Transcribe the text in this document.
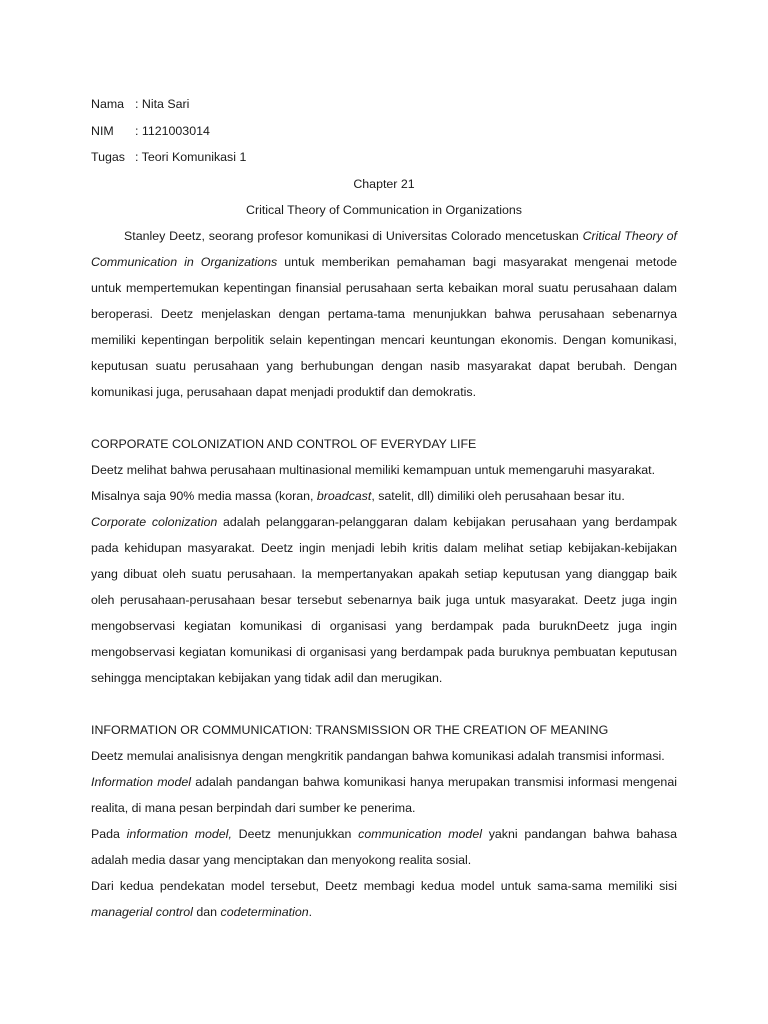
Nama : Nita Sari
NIM	: 1121003014
Tugas : Teori Komunikasi 1
Chapter 21
Critical Theory of Communication in Organizations

Stanley Deetz, seorang profesor komunikasi di Universitas Colorado mencetuskan Critical Theory of Communication in Organizations untuk memberikan pemahaman bagi masyarakat mengenai metode untuk mempertemukan kepentingan finansial perusahaan serta kebaikan moral suatu perusahaan dalam beroperasi. Deetz menjelaskan dengan pertama-tama menunjukkan bahwa perusahaan sebenarnya memiliki kepentingan berpolitik selain kepentingan mencari keuntungan ekonomis. Dengan komunikasi, keputusan suatu perusahaan yang berhubungan dengan nasib masyarakat dapat berubah. Dengan komunikasi juga, perusahaan dapat menjadi produktif dan demokratis.

CORPORATE COLONIZATION AND CONTROL OF EVERYDAY LIFE

Deetz melihat bahwa perusahaan multinasional memiliki kemampuan untuk memengaruhi masyarakat.

Misalnya saja 90% media massa (koran, broadcast, satelit, dll) dimiliki oleh perusahaan besar itu.

Corporate colonization adalah pelanggaran-pelanggaran dalam kebijakan perusahaan yang berdampak pada kehidupan masyarakat. Deetz ingin menjadi lebih kritis dalam melihat setiap kebijakan-kebijakan yang dibuat oleh suatu perusahaan. Ia mempertanyakan apakah setiap keputusan yang dianggap baik oleh perusahaan-perusahaan besar tersebut sebenarnya baik juga untuk masyarakat. Deetz juga ingin mengobservasi kegiatan komunikasi di organisasi yang berdampak pada buruknDeetz juga ingin mengobservasi kegiatan komunikasi di organisasi yang berdampak pada buruknya pembuatan keputusan sehingga menciptakan kebijakan yang tidak adil dan merugikan.

INFORMATION OR COMMUNICATION: TRANSMISSION OR THE CREATION OF MEANING

Deetz memulai analisisnya dengan mengkritik pandangan bahwa komunikasi adalah transmisi informasi.

Information model adalah pandangan bahwa komunikasi hanya merupakan transmisi informasi mengenai realita, di mana pesan berpindah dari sumber ke penerima.

Pada information model, Deetz menunjukkan communication model yakni pandangan bahwa bahasa adalah media dasar yang menciptakan dan menyokong realita sosial.

Dari kedua pendekatan model tersebut, Deetz membagi kedua model untuk sama-sama memiliki sisi managerial control dan codetermination.
